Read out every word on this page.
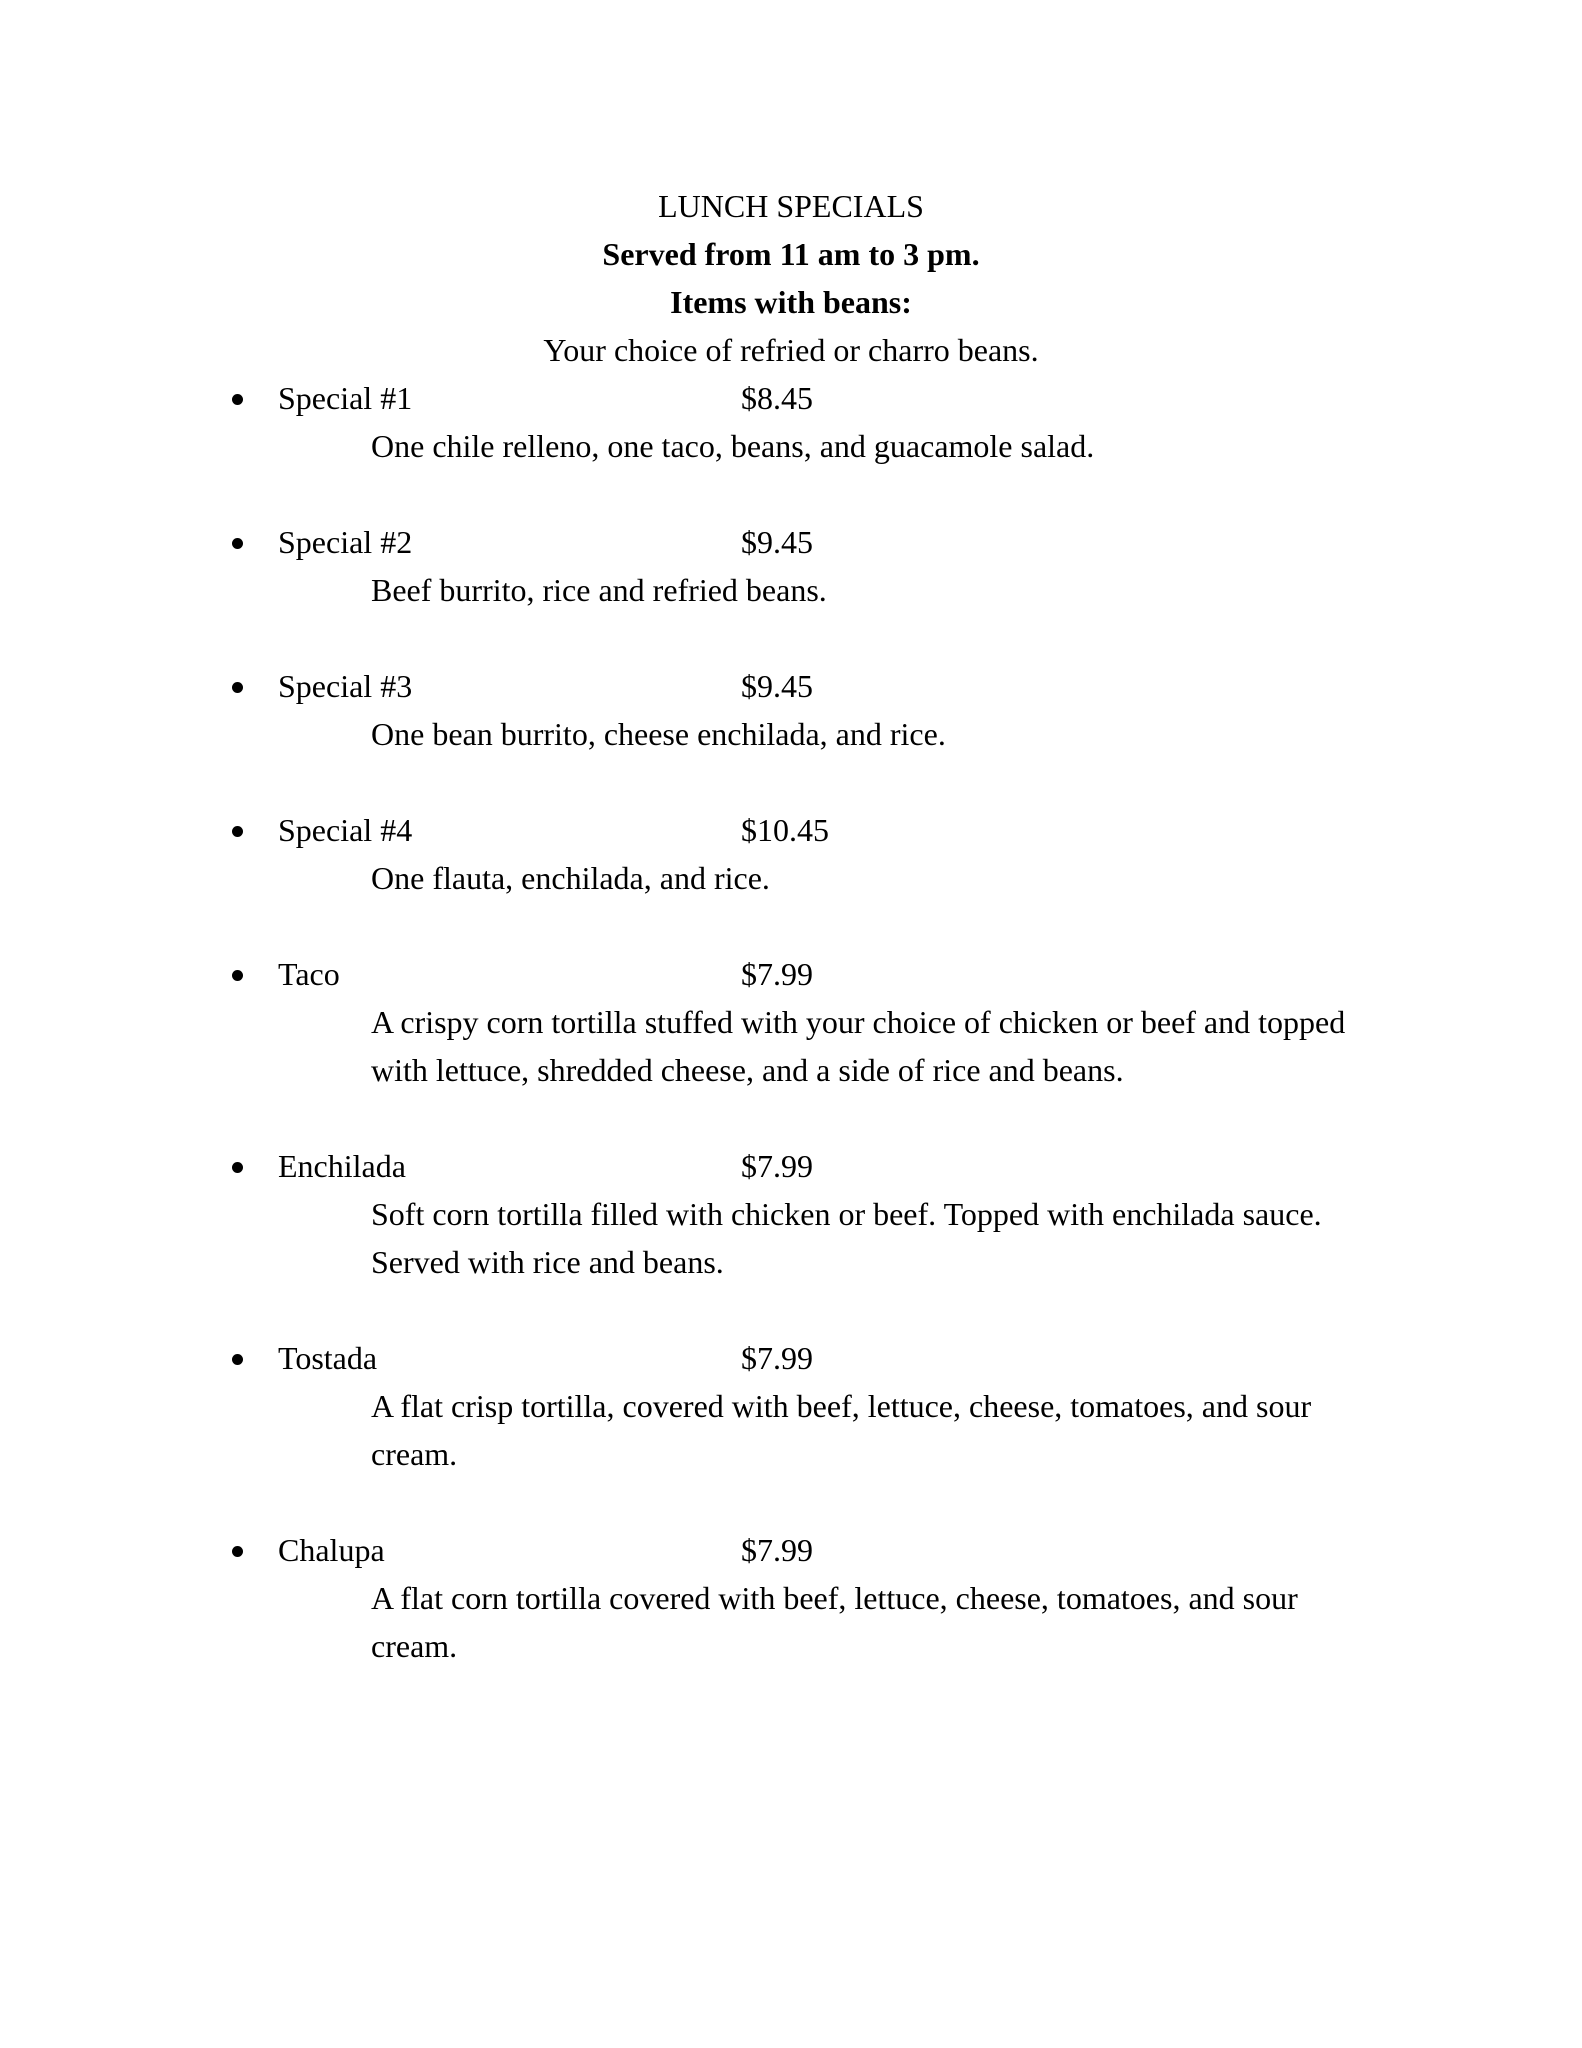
LUNCH SPECIALS
Served from 11 am to 3 pm.
Items with beans:
Your choice of refried or charro beans.
Special #1	$8.45
One chile relleno, one taco, beans, and guacamole salad.
Special #2	$9.45
Beef burrito, rice and refried beans.
Special #3	$9.45
One bean burrito, cheese enchilada, and rice.
Special #4	$10.45
One flauta, enchilada, and rice.
Taco	$7.99
A crispy corn tortilla stuffed with your choice of chicken or beef and topped with lettuce, shredded cheese, and a side of rice and beans.
Enchilada	$7.99
Soft corn tortilla filled with chicken or beef. Topped with enchilada sauce. Served with rice and beans.
Tostada	$7.99
A flat crisp tortilla, covered with beef, lettuce, cheese, tomatoes, and sour cream.
Chalupa	$7.99
A flat corn tortilla covered with beef, lettuce, cheese, tomatoes, and sour cream.
